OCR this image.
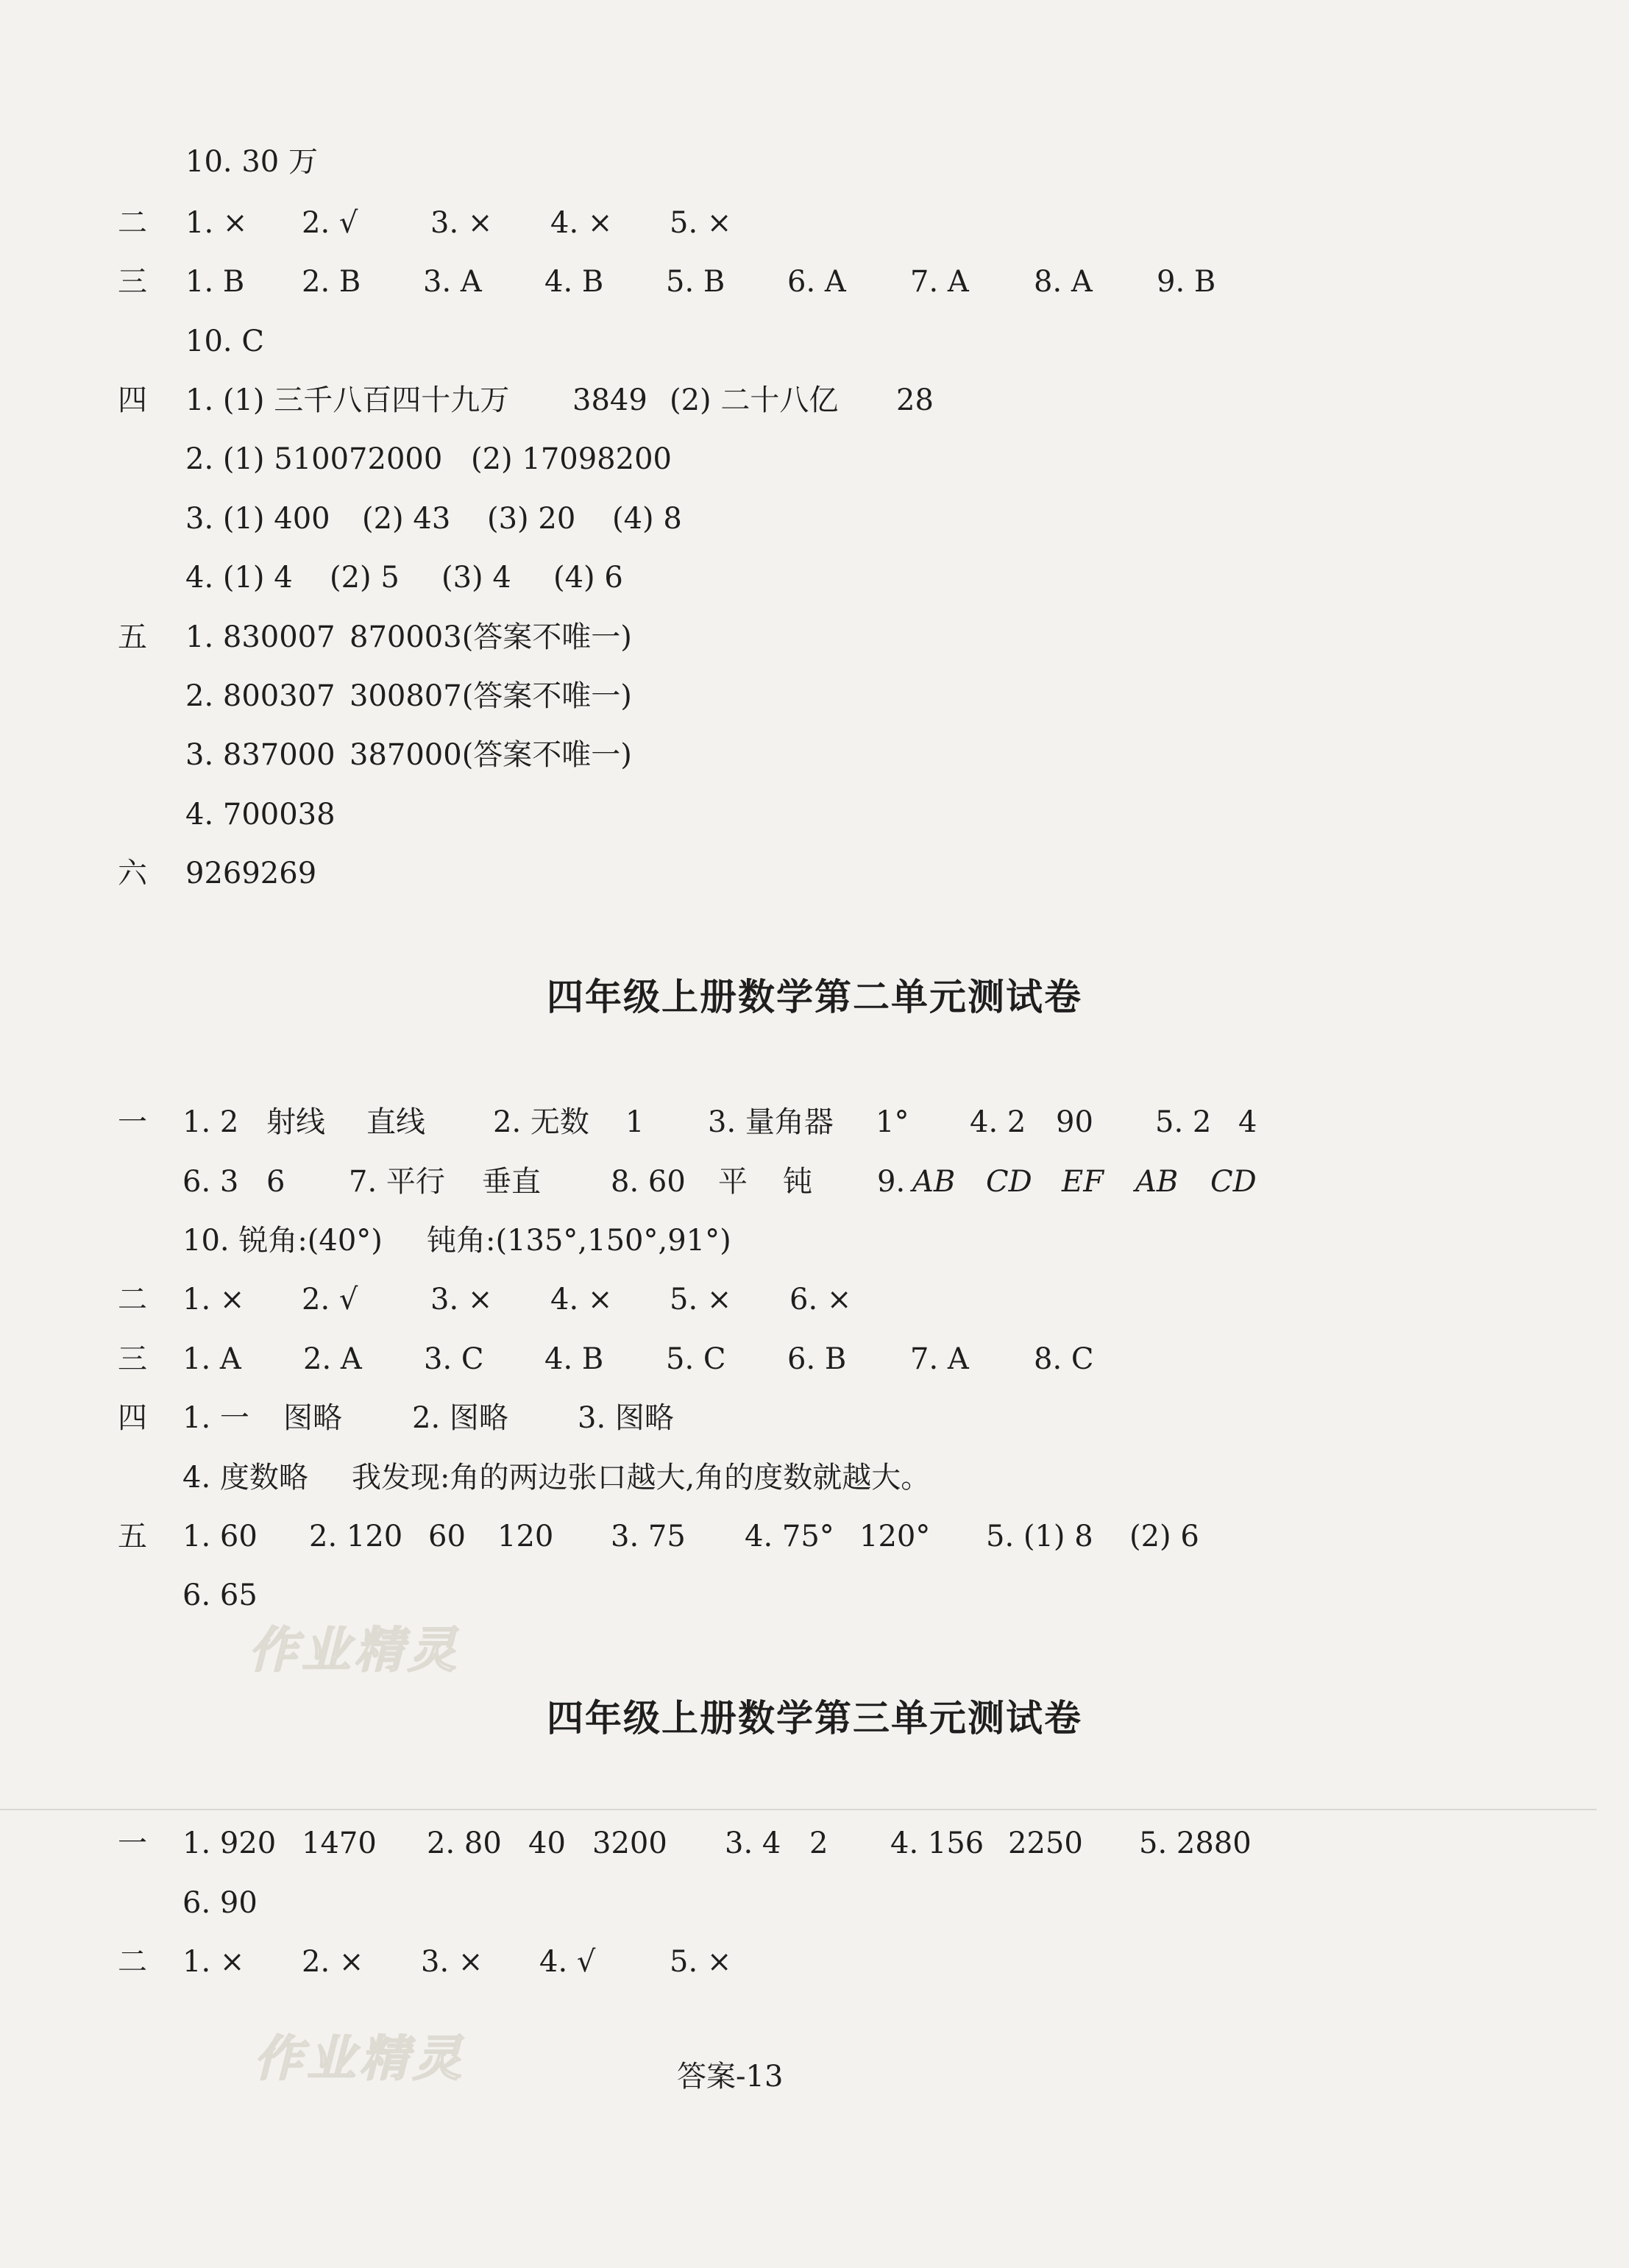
10. 30 万
二 1. × 2. √ 3. × 4. × 5. ×
三 1. B 2. B 3. A 4. B 5. B 6. A 7. A 8. A 9. B
10. C
四 1. (1) 三千八百四十九万 3849 (2) 二十八亿 28
2. (1) 510072000 (2) 17098200
3. (1) 400 (2) 43 (3) 20 (4) 8
4. (1) 4 (2) 5 (3) 4 (4) 6
五 1. 830007 870003(答案不唯一)
2. 800307 300807(答案不唯一)
3. 837000 387000(答案不唯一)
4. 700038
六 9269269
四年级上册数学第二单元测试卷
一 1. 2 射线 直线 2. 无数 1 3. 量角器 1° 4. 2 90 5. 2 4
6. 3 6 7. 平行 垂直 8. 60 平 钝 9. AB CD EF AB CD
10. 锐角:(40°) 钝角:(135°,150°,91°)
二 1. × 2. √ 3. × 4. × 5. × 6. ×
三 1. A 2. A 3. C 4. B 5. C 6. B 7. A 8. C
四 1. 一 图略 2. 图略 3. 图略
4. 度数略 我发现:角的两边张口越大,角的度数就越大。
五 1. 60 2. 120 60 120 3. 75 4. 75° 120° 5. (1) 8 (2) 6
6. 65
作业精灵
四年级上册数学第三单元测试卷
一 1. 920 1470 2. 80 40 3200 3. 4 2 4. 156 2250 5. 2880
6. 90
二 1. × 2. × 3. × 4. √	5. ×
作业精灵	答案-13
